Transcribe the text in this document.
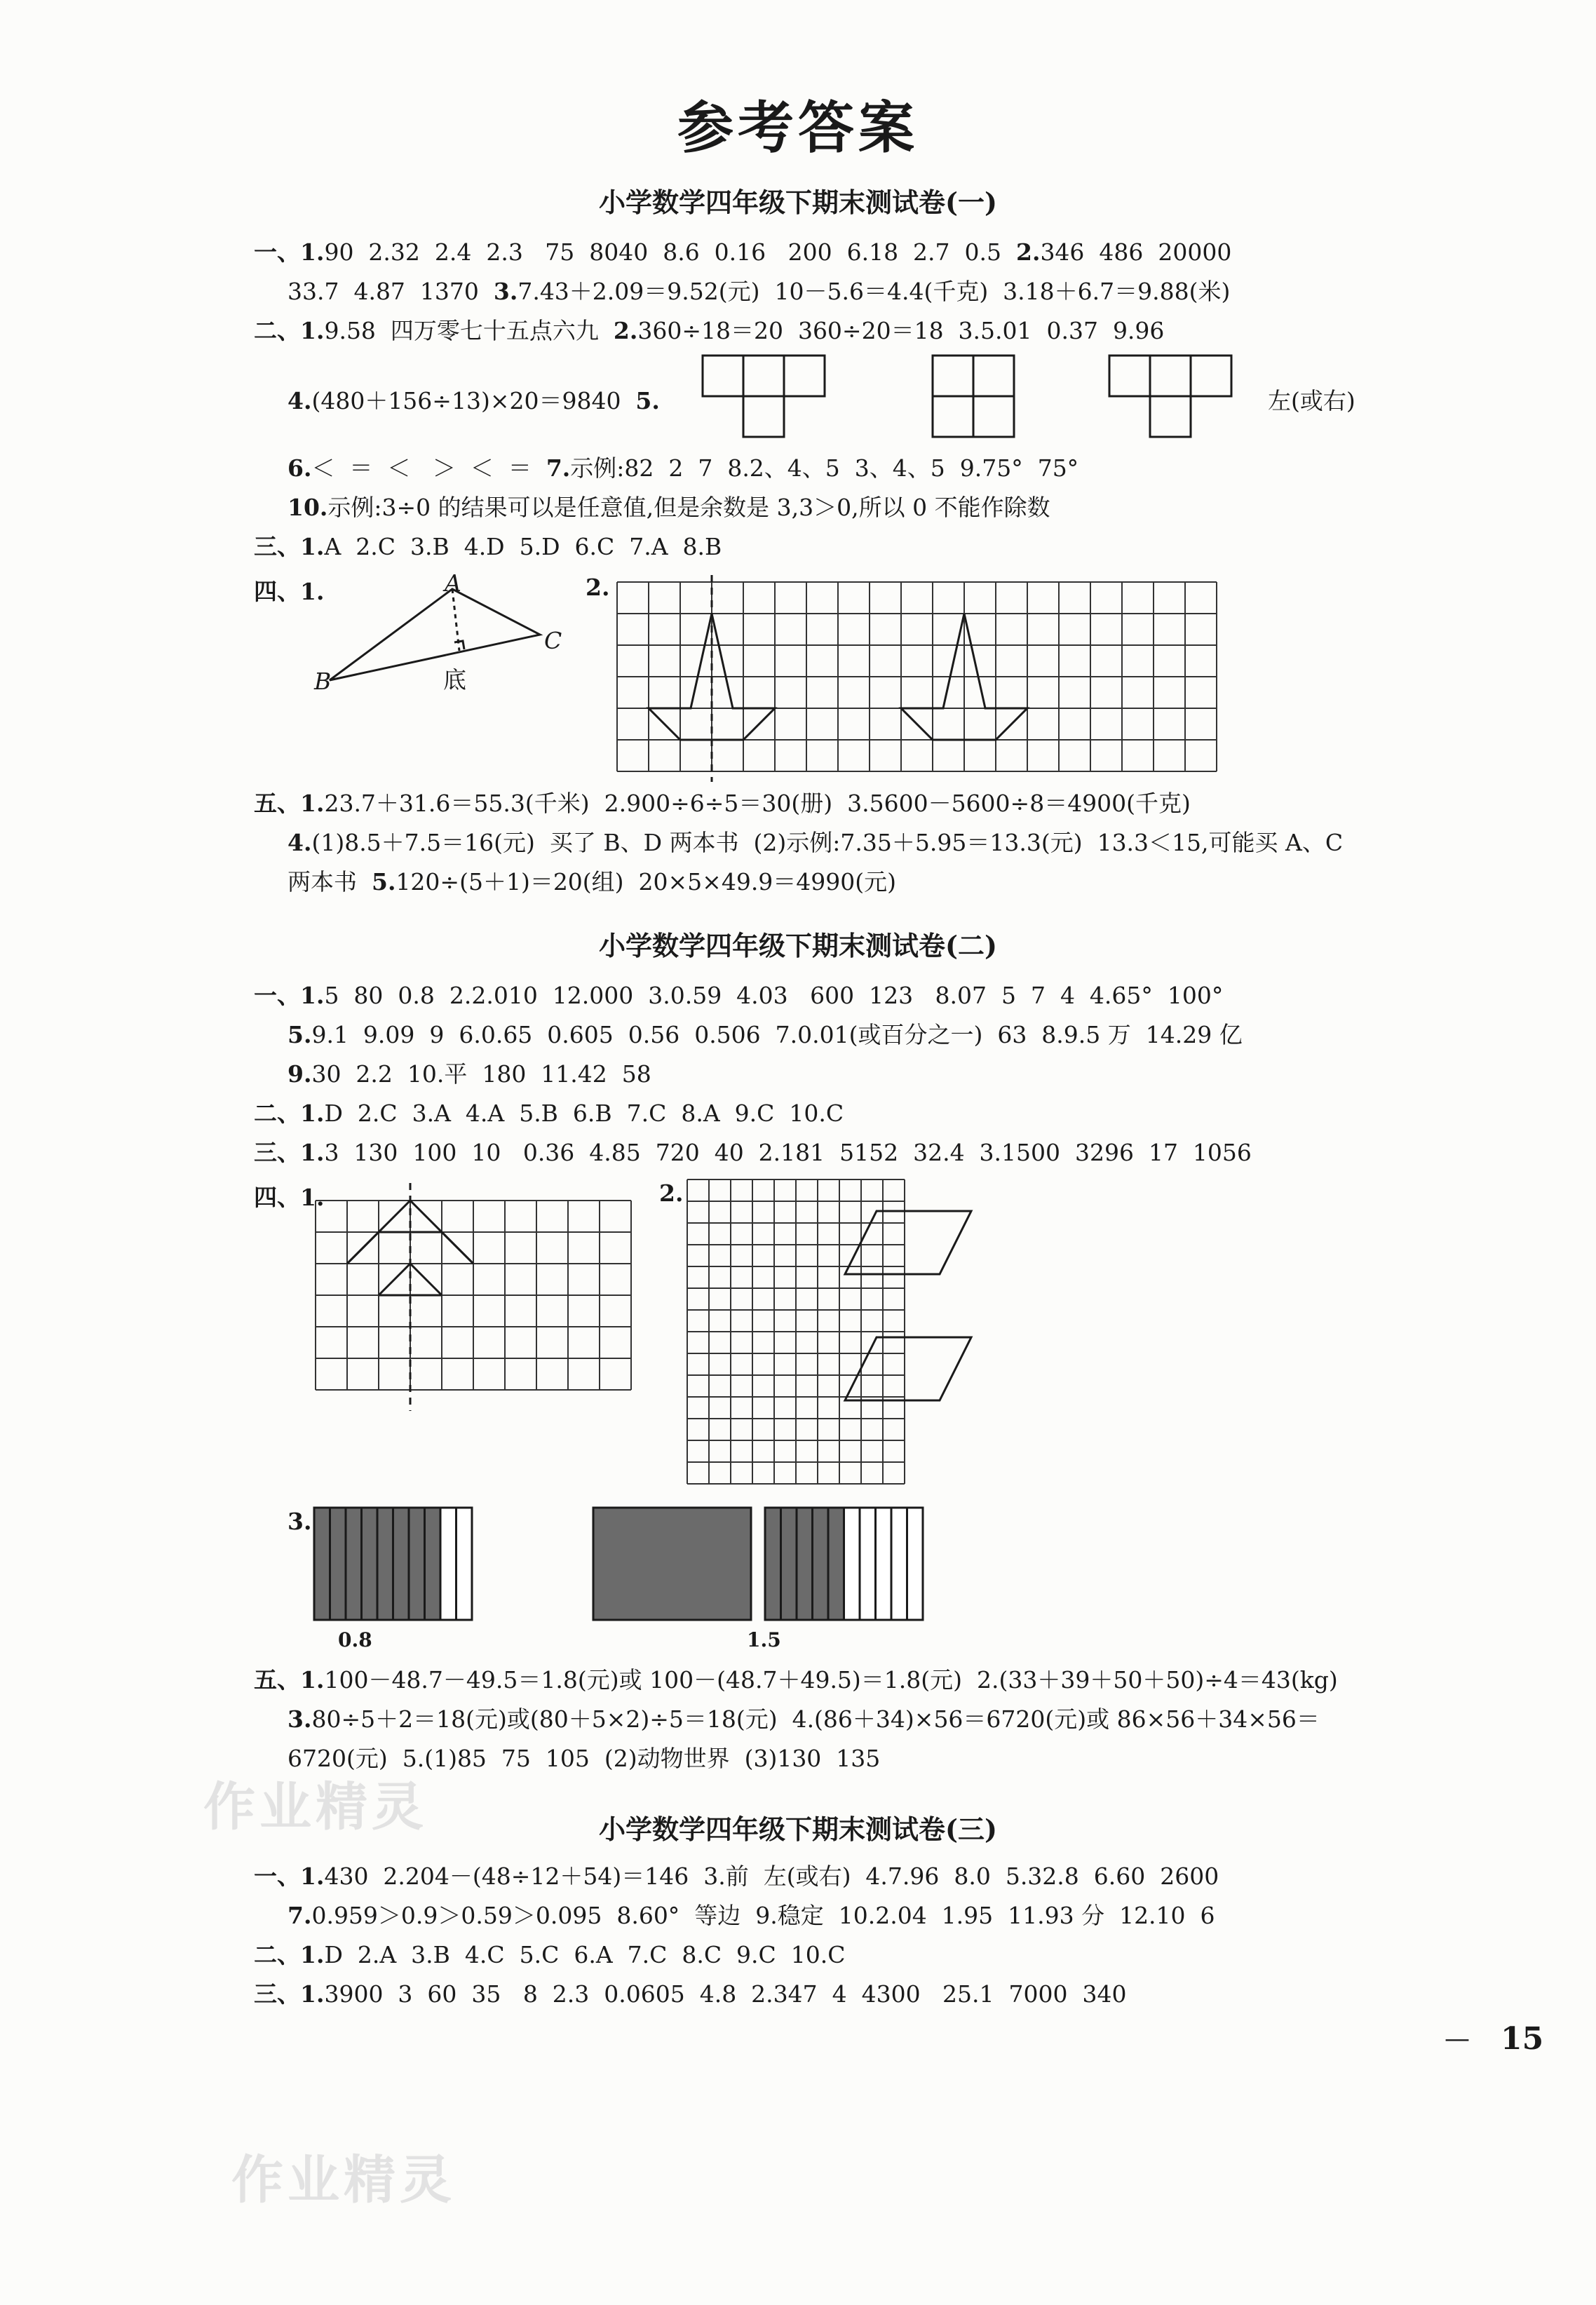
参考答案
小学数学四年级下期末测试卷(一)
一、1.90  2.32  2.4  2.3   75  8040  8.6  0.16   200  6.18  2.7  0.5  2.346  486  20000
33.7  4.87  1370  3.7.43＋2.09＝9.52(元)  10－5.6＝4.4(千克)  3.18＋6.7＝9.88(米)
二、1.9.58  四万零七十五点六九  2.360÷18＝20  360÷20＝18  3.5.01  0.37  9.96
4.(480＋156÷13)×20＝9840  5.	左(或右)
6.＜  ＝  ＜   ＞  ＜  ＝  7.示例:82  2  7  8.2、4、5  3、4、5  9.75°  75°
10.示例:3÷0 的结果可以是任意值,但是余数是 3,3＞0,所以 0 不能作除数
三、1.A  2.C  3.B  4.D  5.D  6.C  7.A  8.B
四、1.	A
B
C
底
2.
五、1.23.7＋31.6＝55.3(千米)  2.900÷6÷5＝30(册)  3.5600－5600÷8＝4900(千克)
4.(1)8.5＋7.5＝16(元)  买了 B、D 两本书  (2)示例:7.35＋5.95＝13.3(元)  13.3＜15,可能买 A、C
两本书  5.120÷(5＋1)＝20(组)  20×5×49.9＝4990(元)
小学数学四年级下期末测试卷(二)
一、1.5  80  0.8  2.2.010  12.000  3.0.59  4.03   600  123   8.07  5  7  4  4.65°  100°
5.9.1  9.09  9  6.0.65  0.605  0.56  0.506  7.0.01(或百分之一)  63  8.9.5 万  14.29 亿
9.30  2.2  10.平  180  11.42  58
二、1.D  2.C  3.A  4.A  5.B  6.B  7.C  8.A  9.C  10.C
三、1.3  130  100  10   0.36  4.85  720  40  2.181  5152  32.4  3.1500  3296  17  1056
四、1.	2.
3.
0.8	1.5
五、1.100－48.7－49.5＝1.8(元)或 100－(48.7＋49.5)＝1.8(元)  2.(33＋39＋50＋50)÷4＝43(kg)
3.80÷5＋2＝18(元)或(80＋5×2)÷5＝18(元)  4.(86＋34)×56＝6720(元)或 86×56＋34×56＝
6720(元)  5.(1)85  75  105  (2)动物世界  (3)130  135
作业精灵	小学数学四年级下期末测试卷(三)
一、1.430  2.204－(48÷12＋54)＝146  3.前  左(或右)  4.7.96  8.0  5.32.8  6.60  2600
7.0.959＞0.9＞0.59＞0.095  8.60°  等边  9.稳定  10.2.04  1.95  11.93 分  12.10  6
二、1.D  2.A  3.B  4.C  5.C  6.A  7.C  8.C  9.C  10.C
三、1.3900  3  60  35   8  2.3  0.0605  4.8  2.347  4  4300   25.1  7000  340
— 15
作业精灵
